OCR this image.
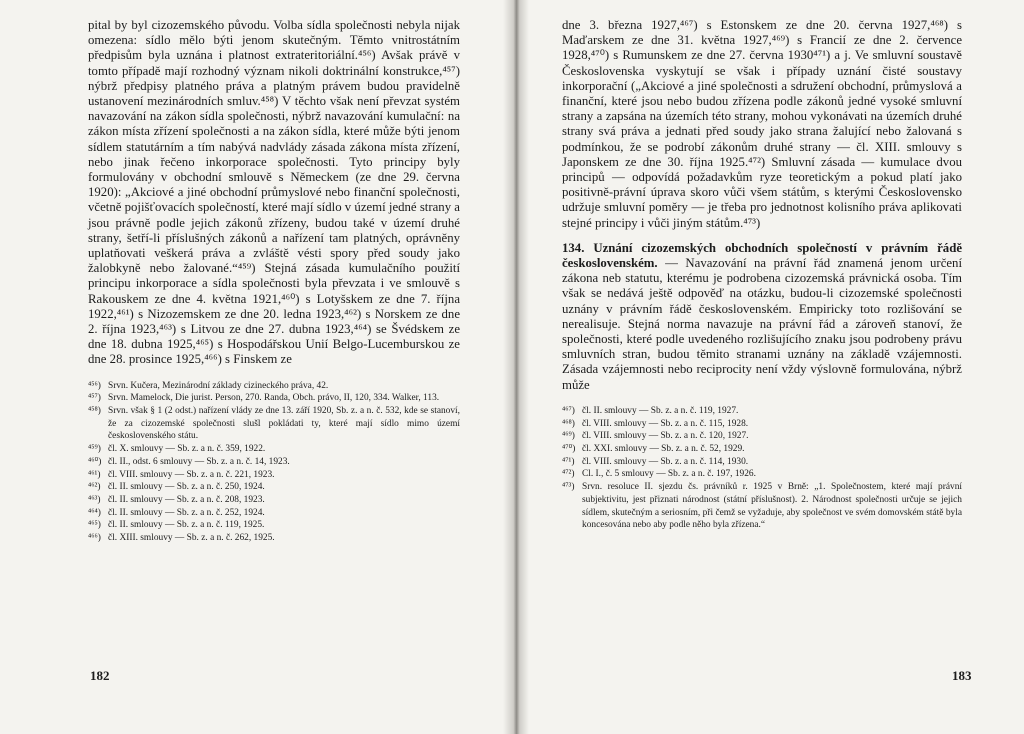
pital by byl cizozemského původu. Volba sídla společnosti nebyla nijak omezena: sídlo mělo býti jenom skutečným. Těmto vnitrostátním předpisům byla uznána i platnost extrateritoriální.⁴⁵⁶) Avšak právě v tomto případě mají rozhodný význam nikoli doktrinální konstrukce,⁴⁵⁷) nýbrž předpisy platného práva a platným právem budou pravidelně ustanovení mezinárodních smluv.⁴⁵⁸) V těchto však není převzat systém navazování na zákon sídla společnosti, nýbrž navazování kumulační: na zákon místa zřízení společnosti a na zákon sídla, které může býti jenom sídlem statutárním a tím nabývá nadvlády zásada zákona místa zřízení, nebo jinak řečeno inkorporace společnosti. Tyto principy byly formulovány v obchodní smlouvě s Německem (ze dne 29. června 1920): „Akciové a jiné obchodní průmyslové nebo finanční společnosti, včetně pojišťovacích společností, které mají sídlo v území jedné strany a jsou právně podle jejich zákonů zřízeny, budou také v území druhé strany, šetří-li příslušných zákonů a nařízení tam platných, oprávněny uplatňovati veškerá práva a zvláště vésti spory před soudy jako žalobkyně nebo žalované.“⁴⁵⁹) Stejná zásada kumulačního použití principu inkorporace a sídla společnosti byla převzata i ve smlouvě s Rakouskem ze dne 4. května 1921,⁴⁶⁰) s Lotyšskem ze dne 7. října 1922,⁴⁶¹) s Nizozemskem ze dne 20. ledna 1923,⁴⁶²) s Norskem ze dne 2. října 1923,⁴⁶³) s Litvou ze dne 27. dubna 1923,⁴⁶⁴) se Švédskem ze dne 18. dubna 1925,⁴⁶⁵) s Hospodářskou Unií Belgo-Lucemburskou ze dne 28. prosince 1925,⁴⁶⁶) s Finskem ze

⁴⁵⁶) Srvn. Kučera, Mezinárodní základy cizineckého práva, 42.
⁴⁵⁷) Srvn. Mamelock, Die jurist. Person, 270. Randa, Obch. právo, II, 120, 334. Walker, 113.
⁴⁵⁸) Srvn. však § 1 (2 odst.) nařízení vlády ze dne 13. září 1920, Sb. z. a n. č. 532, kde se stanoví, že za cizozemské společnosti slušl pokládati ty, které mají sídlo mimo území československého státu.
⁴⁵⁹) čl. X. smlouvy — Sb. z. a n. č. 359, 1922.
⁴⁶⁰) čl. II., odst. 6 smlouvy — Sb. z. a n. č. 14, 1923.
⁴⁶¹) čl. VIII. smlouvy — Sb. z. a n. č. 221, 1923.
⁴⁶²) čl. II. smlouvy — Sb. z. a n. č. 250, 1924.
⁴⁶³) čl. II. smlouvy — Sb. z. a n. č. 208, 1923.
⁴⁶⁴) čl. II. smlouvy — Sb. z. a n. č. 252, 1924.
⁴⁶⁵) čl. II. smlouvy — Sb. z. a n. č. 119, 1925.
⁴⁶⁶) čl. XIII. smlouvy — Sb. z. a n. č. 262, 1925.
182

dne 3. března 1927,⁴⁶⁷) s Estonskem ze dne 20. června 1927,⁴⁶⁸) s Maďarskem ze dne 31. května 1927,⁴⁶⁹) s Francií ze dne 2. července 1928,⁴⁷⁰) s Rumunskem ze dne 27. června 1930⁴⁷¹) a j. Ve smluvní soustavě Československa vyskytují se však i případy uznání čisté soustavy inkorporační („Akciové a jiné společnosti a sdružení obchodní, průmyslová a finanční, které jsou nebo budou zřízena podle zákonů jedné vysoké smluvní strany a zapsána na územích této strany, mohou vykonávati na územích druhé strany svá práva a jednati před soudy jako strana žalující nebo žalovaná s podmínkou, že se podrobí zákonům druhé strany — čl. XIII. smlouvy s Japonskem ze dne 30. října 1925.⁴⁷²) Smluvní zásada — kumulace dvou principů — odpovídá požadavkům ryze teoretickým a pokud platí jako positivně-právní úprava skoro vůči všem státům, s kterými Československo udržuje smluvní poměry — je třeba pro jednotnost kolisního práva aplikovati stejné principy i vůči jiným státům.⁴⁷³)

134. Uznání cizozemských obchodních společností v právním řádě československém. — Navazování na právní řád znamená jenom určení zákona neb statutu, kterému je podrobena cizozemská právnická osoba. Tím však se nedává ještě odpověď na otázku, budou-li cizozemské společnosti uznány v právním řádě československém. Empiricky toto rozlišování se nerealisuje. Stejná norma navazuje na právní řád a zároveň stanoví, že společnosti, které podle uvedeného rozlišujícího znaku jsou podrobeny právu smluvních stran, budou těmito stranami uznány na základě vzájemnosti. Zásada vzájemnosti nebo reciprocity není vždy výslovně formulována, nýbrž může

⁴⁶⁷) čl. II. smlouvy — Sb. z. a n. č. 119, 1927.
⁴⁶⁸) čl. VIII. smlouvy — Sb. z. a n. č. 115, 1928.
⁴⁶⁹) čl. VIII. smlouvy — Sb. z. a n. č. 120, 1927.
⁴⁷⁰) čl. XXI. smlouvy — Sb. z. a n. č. 52, 1929.
⁴⁷¹) čl. VIII. smlouvy — Sb. z. a n. č. 114, 1930.
⁴⁷²) Cl. I., č. 5 smlouvy — Sb. z. a n. č. 197, 1926.
⁴⁷³) Srvn. resoluce II. sjezdu čs. právníků r. 1925 v Brně: „1. Společnostem, které mají právní subjektivitu, jest přiznati národnost (státní příslušnost). 2. Národnost společnosti určuje se jejich sídlem, skutečným a seriosním, při čemž se vyžaduje, aby společnost ve svém domovském státě byla koncesována nebo aby podle něho byla zřízena.“
183
